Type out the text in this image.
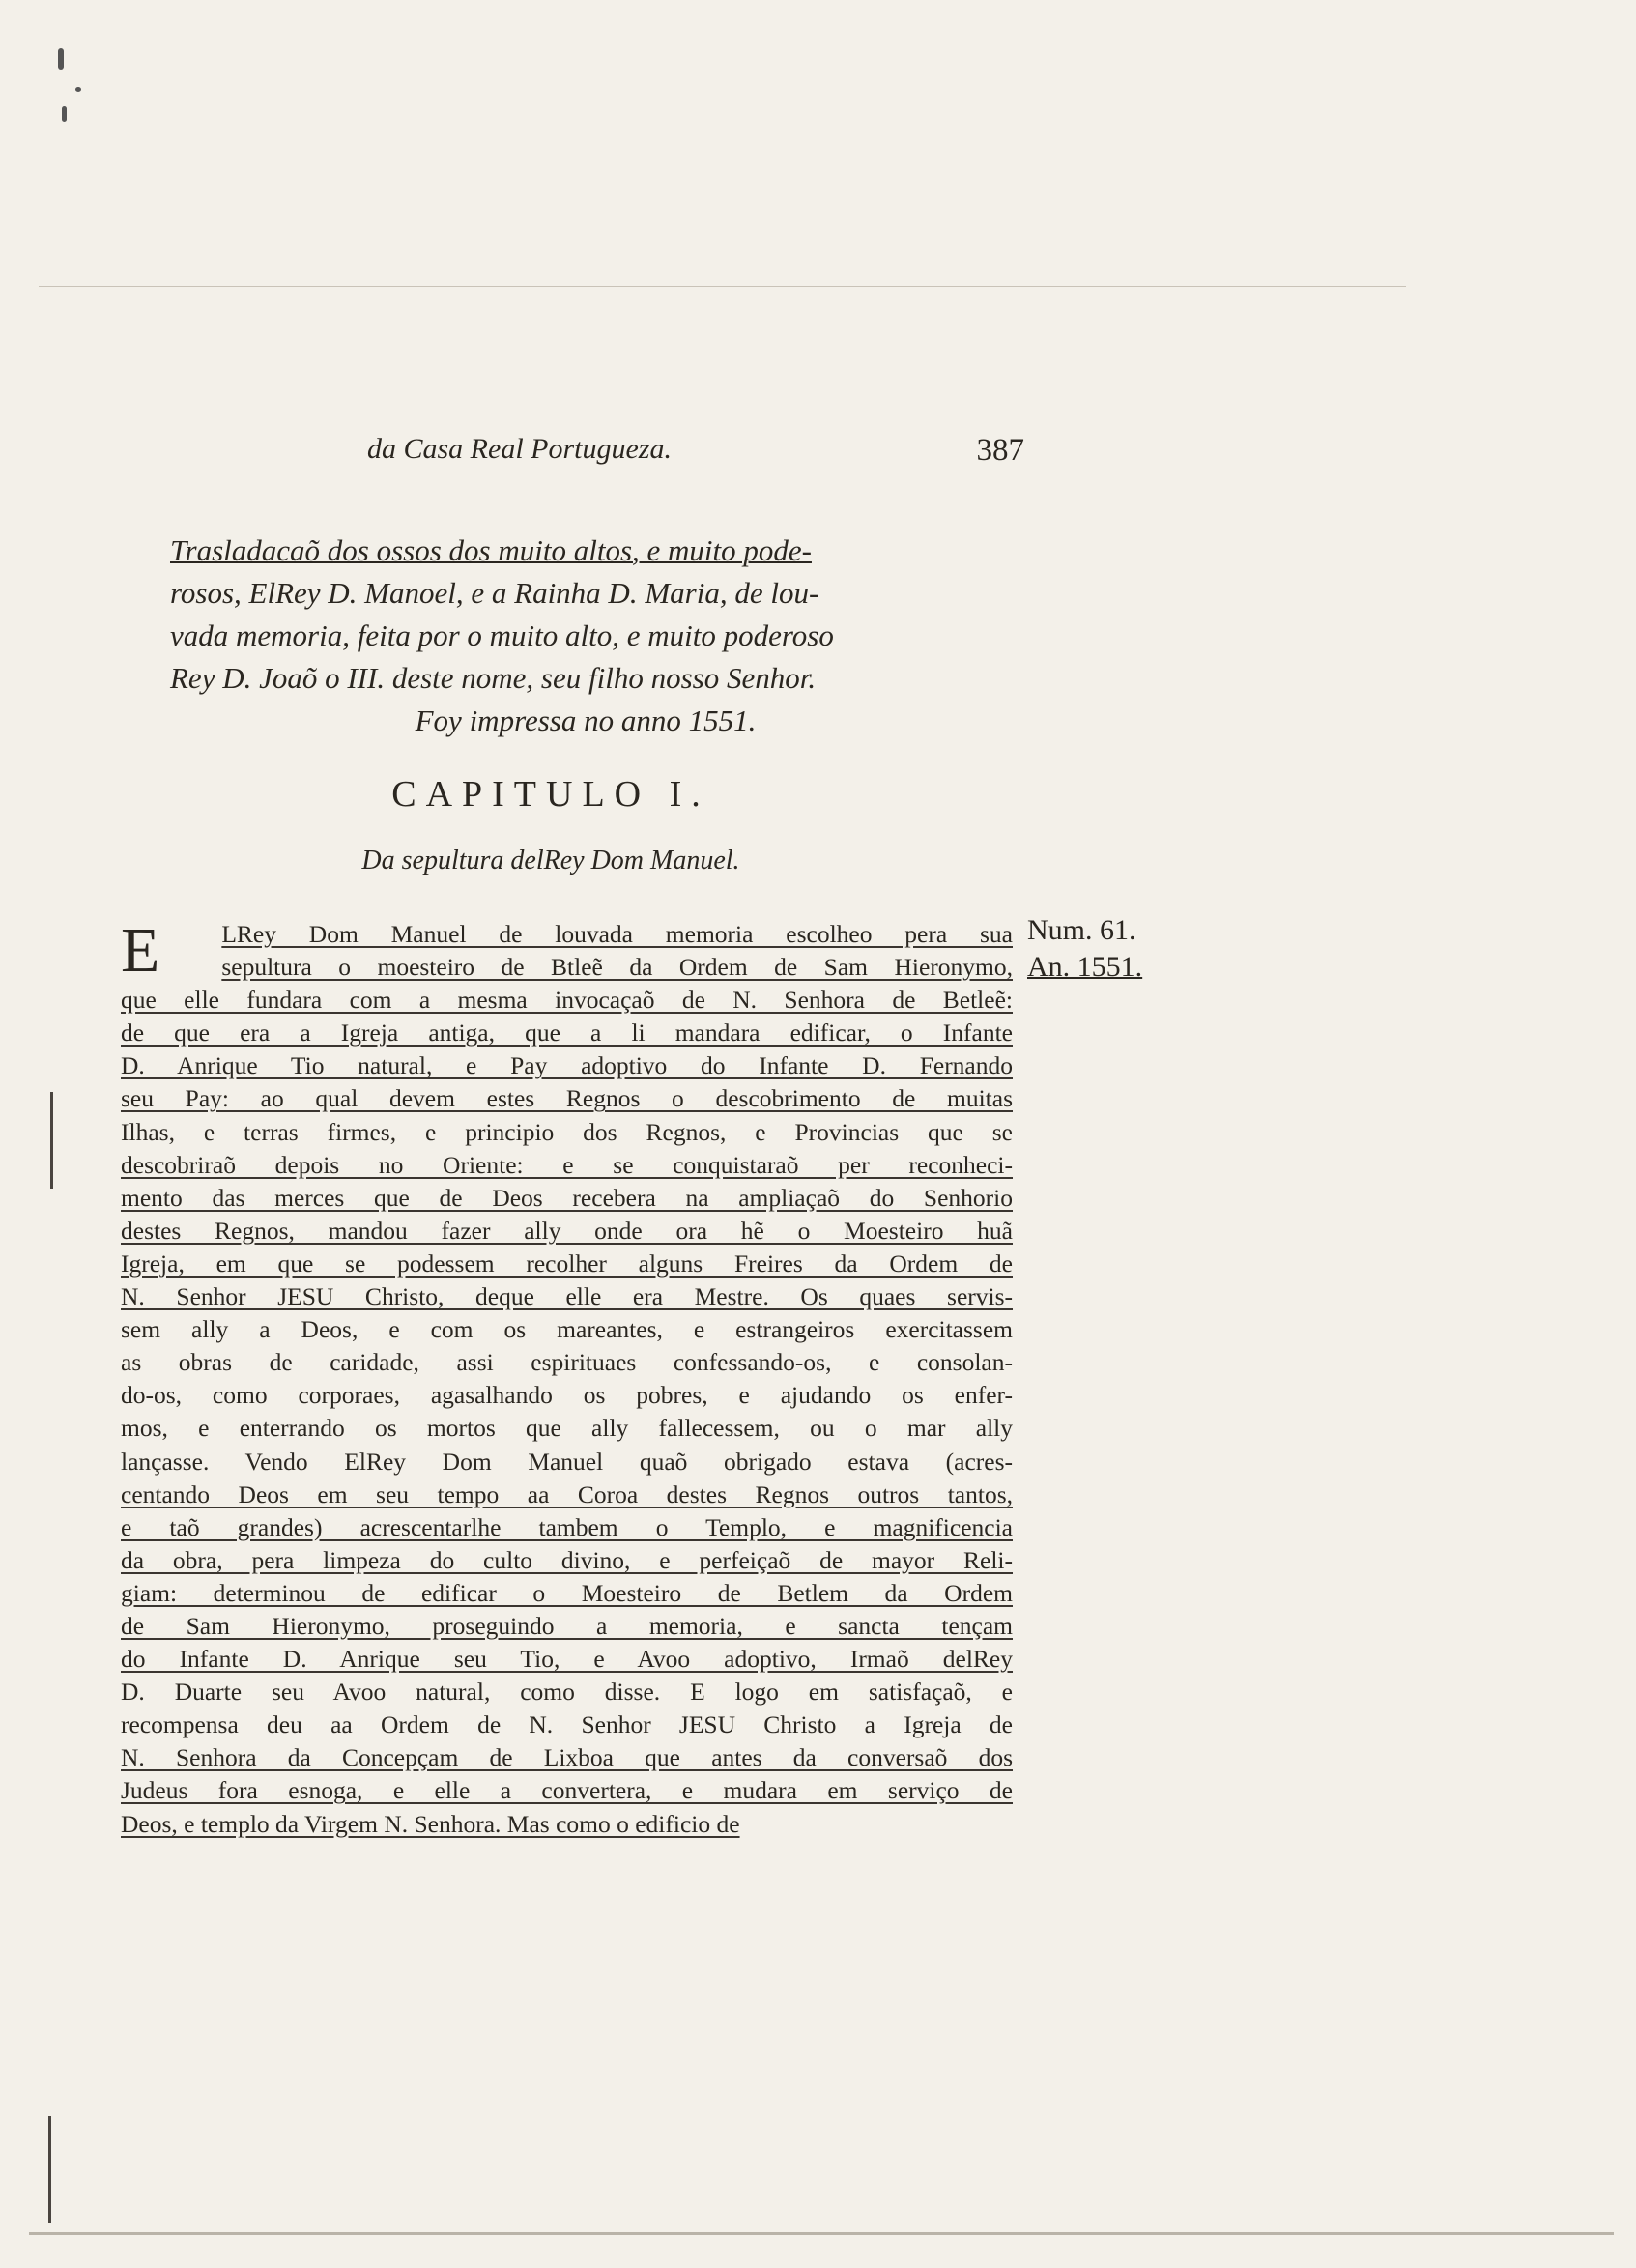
da Casa Real Portugueza.	387

Trasladacaõ dos ossos dos muito altos, e muito pode-

rosos, ElRey D. Manoel, e a Rainha D. Maria, de lou-

vada memoria, feita por o muito alto, e muito poderoso

Rey D. Joaõ o III. deste nome, seu filho nosso Senhor.

Foy impressa no anno 1551.

CAPITULO I.
Da sepultura delRey Dom Manuel.
Num. 61.
An. 1551.
E	LRey Dom Manuel de louvada memoria escolheo pera sua
sepultura o moesteiro de Btleẽ da Ordem de Sam Hieronymo,
que elle fundara com a mesma invocaçaõ de N. Senhora de Betleẽ:
de que era a Igreja antiga, que a li mandara edificar, o Infante
D. Anrique Tio natural, e Pay adoptivo do Infante D. Fernando
seu Pay: ao qual devem estes Regnos o descobrimento de muitas
Ilhas, e terras firmes, e principio dos Regnos, e Provincias que se
descobriraõ depois no Oriente: e se conquistaraõ per reconheci-
mento das merces que de Deos recebera na ampliaçaõ do Senhorio
destes Regnos, mandou fazer ally onde ora hẽ o Moesteiro huã
Igreja, em que se podessem recolher alguns Freires da Ordem de
N. Senhor JESU Christo, deque elle era Mestre. Os quaes servis-
sem ally a Deos, e com os mareantes, e estrangeiros exercitassem
as obras de caridade, assi espirituaes confessando-os, e consolan-
do-os, como corporaes, agasalhando os pobres, e ajudando os enfer-
mos, e enterrando os mortos que ally fallecessem, ou o mar ally
lançasse. Vendo ElRey Dom Manuel quaõ obrigado estava (acres-
centando Deos em seu tempo aa Coroa destes Regnos outros tantos,
e taõ grandes) acrescentarlhe tambem o Templo, e magnificencia
da obra, pera limpeza do culto divino, e perfeiçaõ de mayor Reli-
giam: determinou de edificar o Moesteiro de Betlem da Ordem
de Sam Hieronymo, proseguindo a memoria, e sancta tençam
do Infante D. Anrique seu Tio, e Avoo adoptivo, Irmaõ delRey
D. Duarte seu Avoo natural, como disse. E logo em satisfaçaõ, e
recompensa deu aa Ordem de N. Senhor JESU Christo a Igreja de
N. Senhora da Concepçam de Lixboa que antes da conversaõ dos
Judeus fora esnoga, e elle a convertera, e mudara em serviço de
Deos, e templo da Virgem N. Senhora. Mas como o edificio de
